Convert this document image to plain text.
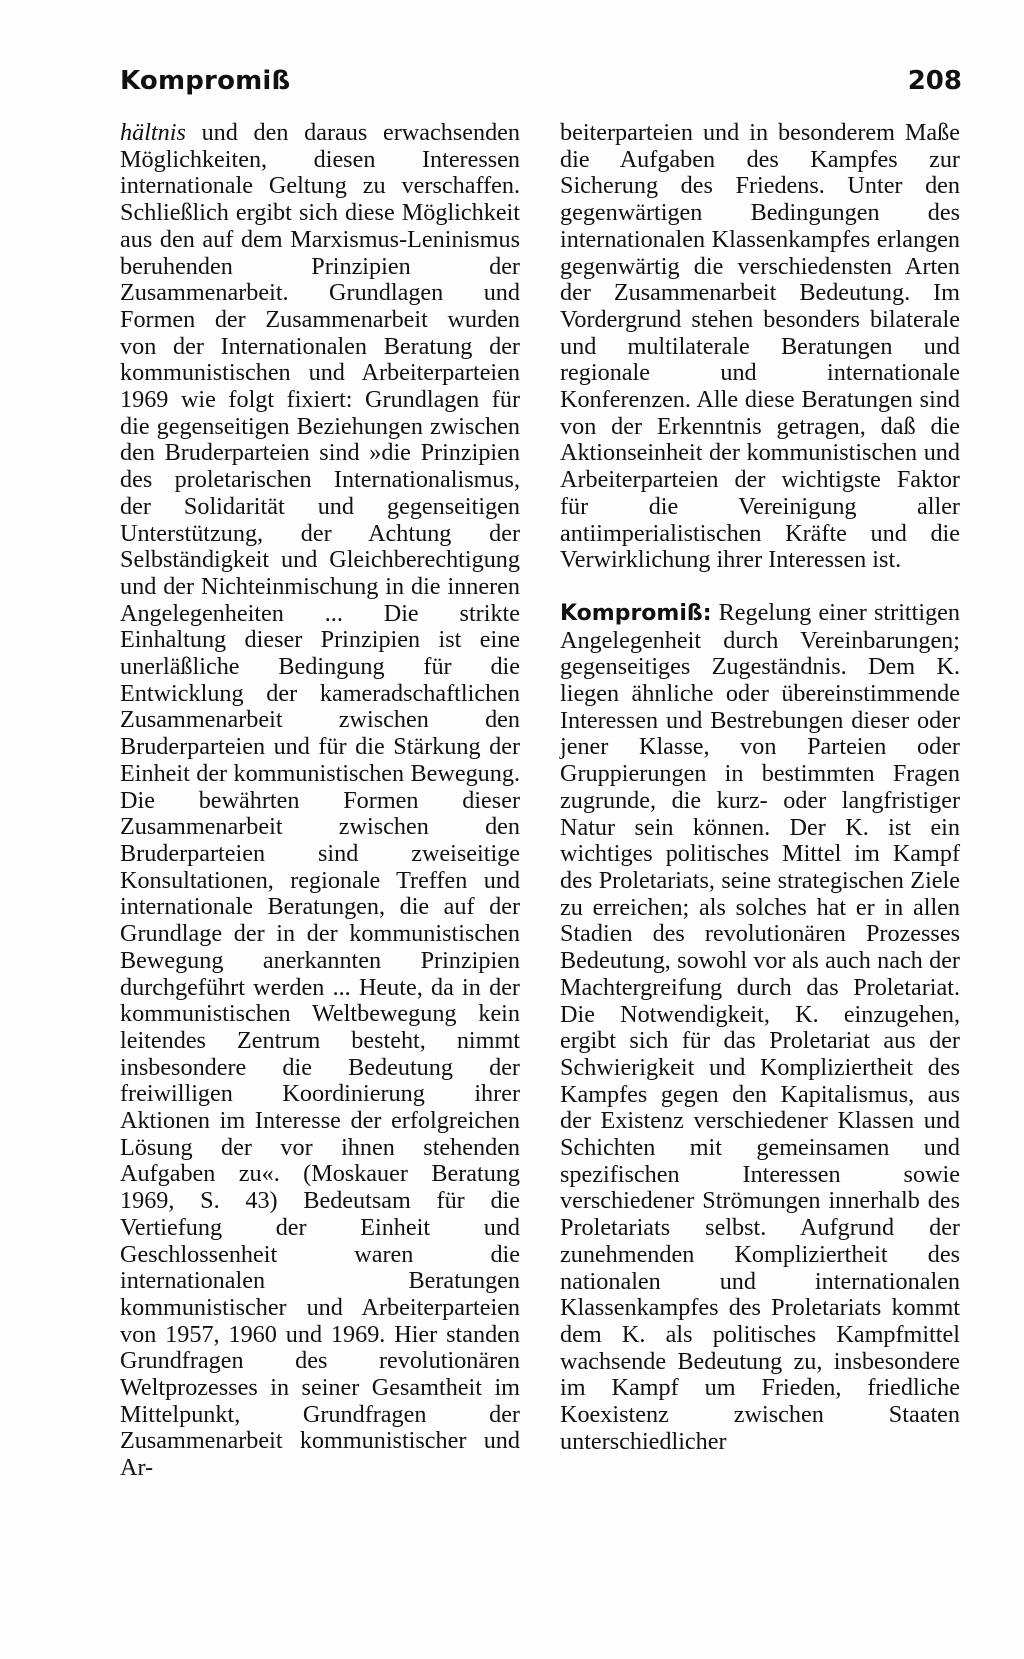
Kompromiß	208

hältnis und den daraus erwachsenden Möglichkeiten, diesen Interessen internationale Geltung zu verschaffen. Schließlich ergibt sich diese Möglichkeit aus den auf dem Marxismus-Leninismus beruhenden Prinzipien der Zusammenarbeit. Grundlagen und Formen der Zusammenarbeit wurden von der Internationalen Beratung der kommunistischen und Arbeiterparteien 1969 wie folgt fixiert: Grundlagen für die gegenseitigen Beziehungen zwischen den Bruderparteien sind »die Prinzipien des proletarischen Internationalismus, der Solidarität und gegenseitigen Unterstützung, der Achtung der Selbständigkeit und Gleichberechtigung und der Nichteinmischung in die inneren Angelegenheiten ... Die strikte Einhaltung dieser Prinzipien ist eine unerläßliche Bedingung für die Entwicklung der kameradschaftlichen Zusammenarbeit zwischen den Bruderparteien und für die Stärkung der Einheit der kommunistischen Bewegung. Die bewährten Formen dieser Zusammenarbeit zwischen den Bruderparteien sind zweiseitige Konsultationen, regionale Treffen und internationale Beratungen, die auf der Grundlage der in der kommunistischen Bewegung anerkannten Prinzipien durchgeführt werden ... Heute, da in der kommunistischen Weltbewegung kein leitendes Zentrum besteht, nimmt insbesondere die Bedeutung der freiwilligen Koordinierung ihrer Aktionen im Interesse der erfolgreichen Lösung der vor ihnen stehenden Aufgaben zu«. (Moskauer Beratung 1969, S. 43) Bedeutsam für die Vertiefung der Einheit und Geschlossenheit waren die internationalen Beratungen kommunistischer und Arbeiterparteien von 1957, 1960 und 1969. Hier standen Grundfragen des revolutionären Weltprozesses in seiner Gesamtheit im Mittelpunkt, Grundfragen der Zusammenarbeit kommunistischer und Ar-

beiterparteien und in besonderem Maße die Aufgaben des Kampfes zur Sicherung des Friedens. Unter den gegenwärtigen Bedingungen des internationalen Klassenkampfes erlangen gegenwärtig die verschiedensten Arten der Zusammenarbeit Bedeutung. Im Vordergrund stehen besonders bilaterale und multilaterale Beratungen und regionale und internationale Konferenzen. Alle diese Beratungen sind von der Erkenntnis getragen, daß die Aktionseinheit der kommunistischen und Arbeiterparteien der wichtigste Faktor für die Vereinigung aller antiimperialistischen Kräfte und die Verwirklichung ihrer Interessen ist.

Kompromiß: Regelung einer strittigen Angelegenheit durch Vereinbarungen; gegenseitiges Zugeständnis. Dem K. liegen ähnliche oder übereinstimmende Interessen und Bestrebungen dieser oder jener Klasse, von Parteien oder Gruppierungen in bestimmten Fragen zugrunde, die kurz- oder langfristiger Natur sein können. Der K. ist ein wichtiges politisches Mittel im Kampf des Proletariats, seine strategischen Ziele zu erreichen; als solches hat er in allen Stadien des revolutionären Prozesses Bedeutung, sowohl vor als auch nach der Machtergreifung durch das Proletariat. Die Notwendigkeit, K. einzugehen, ergibt sich für das Proletariat aus der Schwierigkeit und Kompliziertheit des Kampfes gegen den Kapitalismus, aus der Existenz verschiedener Klassen und Schichten mit gemeinsamen und spezifischen Interessen sowie verschiedener Strömungen innerhalb des Proletariats selbst. Aufgrund der zunehmenden Kompliziertheit des nationalen und internationalen Klassenkampfes des Proletariats kommt dem K. als politisches Kampfmittel wachsende Bedeutung zu, insbesondere im Kampf um Frieden, friedliche Koexistenz zwischen Staaten unterschiedlicher
